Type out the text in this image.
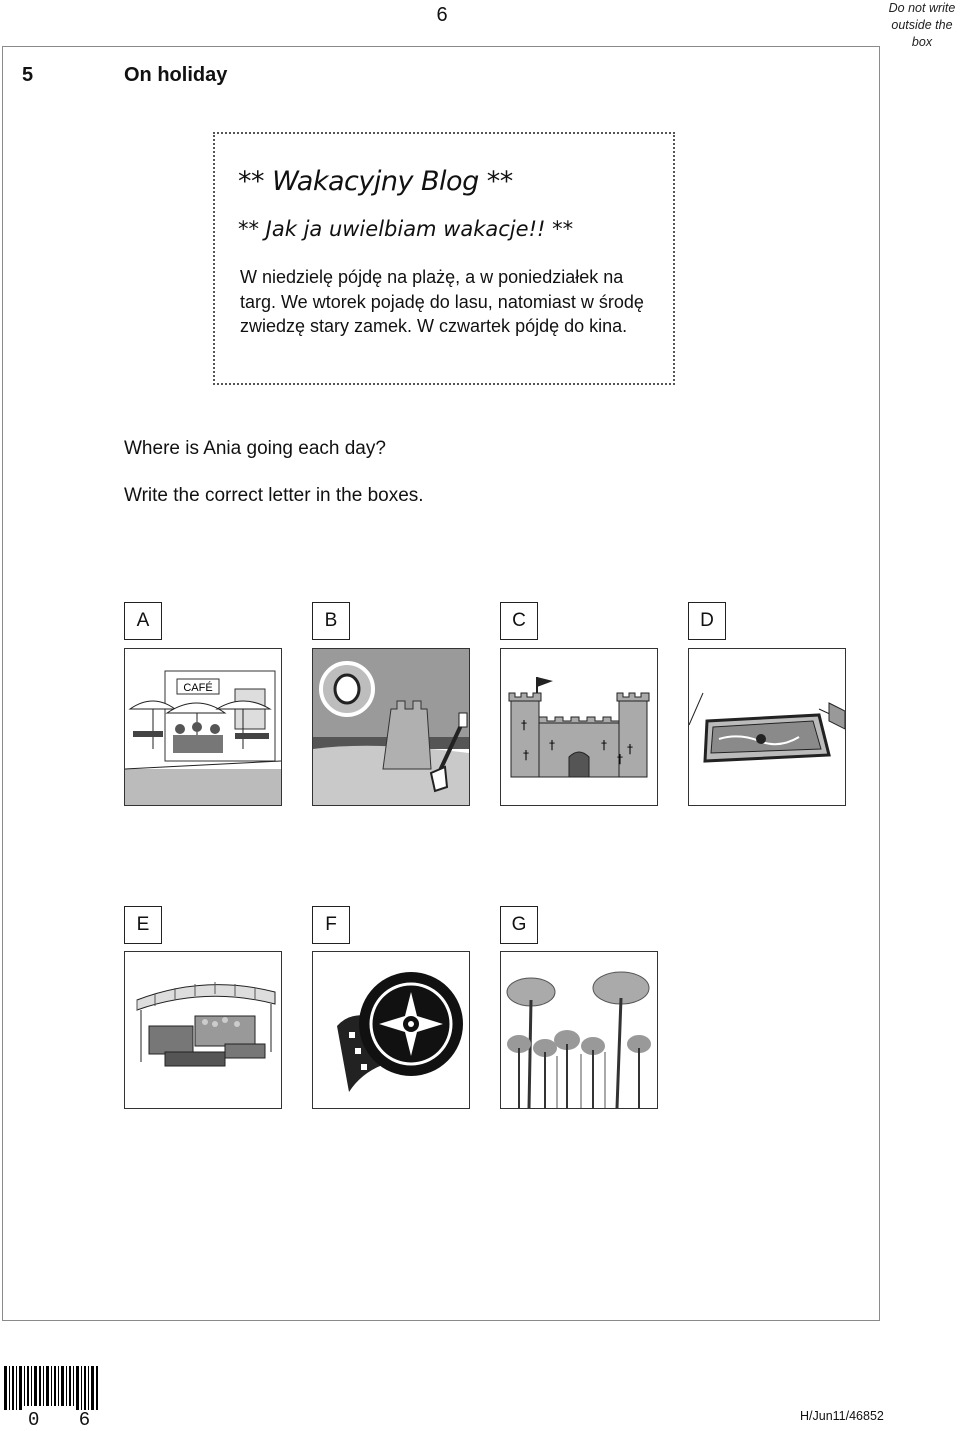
6	Do not write outside the box
5	On holiday
** Wakacyjny Blog **
** Jak ja uwielbiam wakacje!! **
W niedzielę pójdę na plażę, a w poniedziałek na targ. We wtorek pojadę do lasu, natomiast w środę zwiedzę stary zamek. W czwartek pójdę do kina.
Where is Ania going each day?
Write the correct letter in the boxes.
A
CAFÉ
B	C
†
†
†	† †
†
D
E	F	G
0 6	H/Jun11/46852
